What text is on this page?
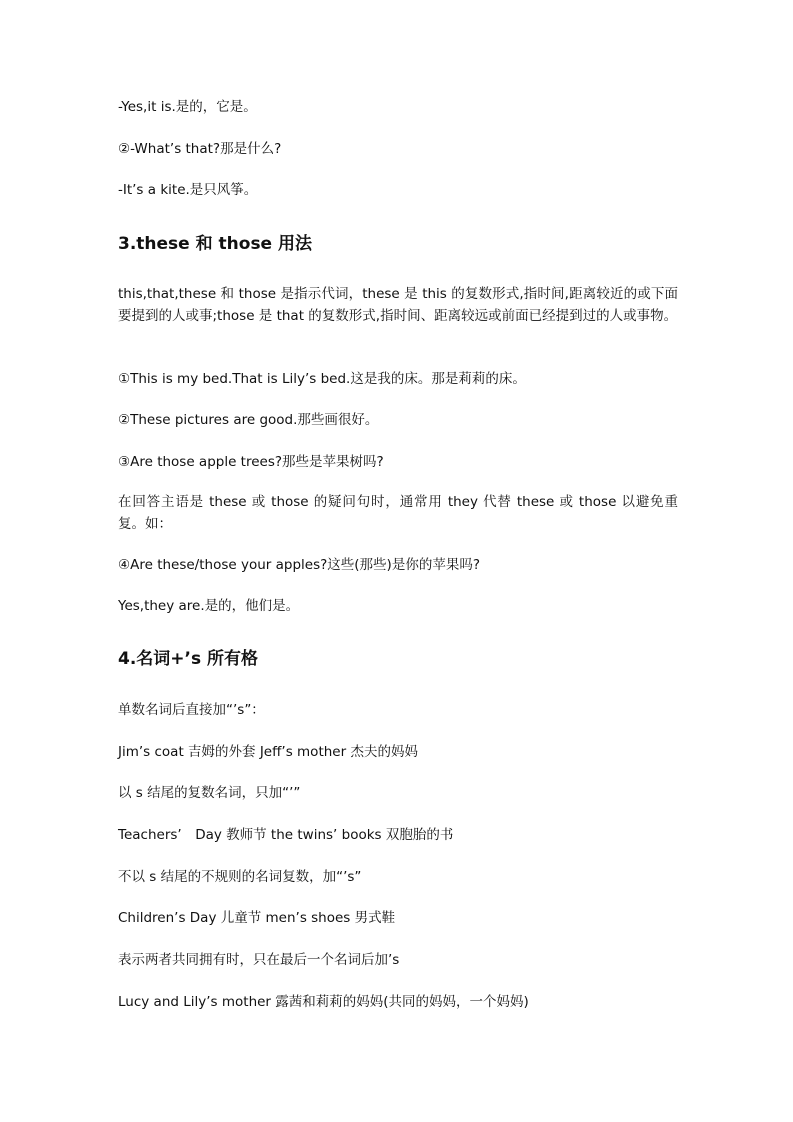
-Yes,it is.是的，它是。

②-What’s that?那是什么?

-It’s a kite.是只风筝。

3.these 和 those 用法

this,that,these 和 those 是指示代词，these 是 this 的复数形式,指时间,距离较近的或下面要提到的人或事;those 是 that 的复数形式,指时间、距离较远或前面已经提到过的人或事物。

①This is my bed.That is Lily’s bed.这是我的床。那是莉莉的床。

②These pictures are good.那些画很好。

③Are those apple trees?那些是苹果树吗?

在回答主语是 these 或 those 的疑问句时，通常用 they 代替 these 或 those 以避免重复。如：

④Are these/those your apples?这些(那些)是你的苹果吗?

Yes,they are.是的，他们是。

4.名词+’s 所有格

单数名词后直接加“’s”：

Jim’s coat 吉姆的外套 Jeff’s mother 杰夫的妈妈

以 s 结尾的复数名词，只加“’”

Teachers’　Day 教师节 the twins’ books 双胞胎的书

不以 s 结尾的不规则的名词复数，加“’s”

Children’s Day 儿童节 men’s shoes 男式鞋

表示两者共同拥有时，只在最后一个名词后加’s

Lucy and Lily’s mother 露茜和莉莉的妈妈(共同的妈妈，一个妈妈)
